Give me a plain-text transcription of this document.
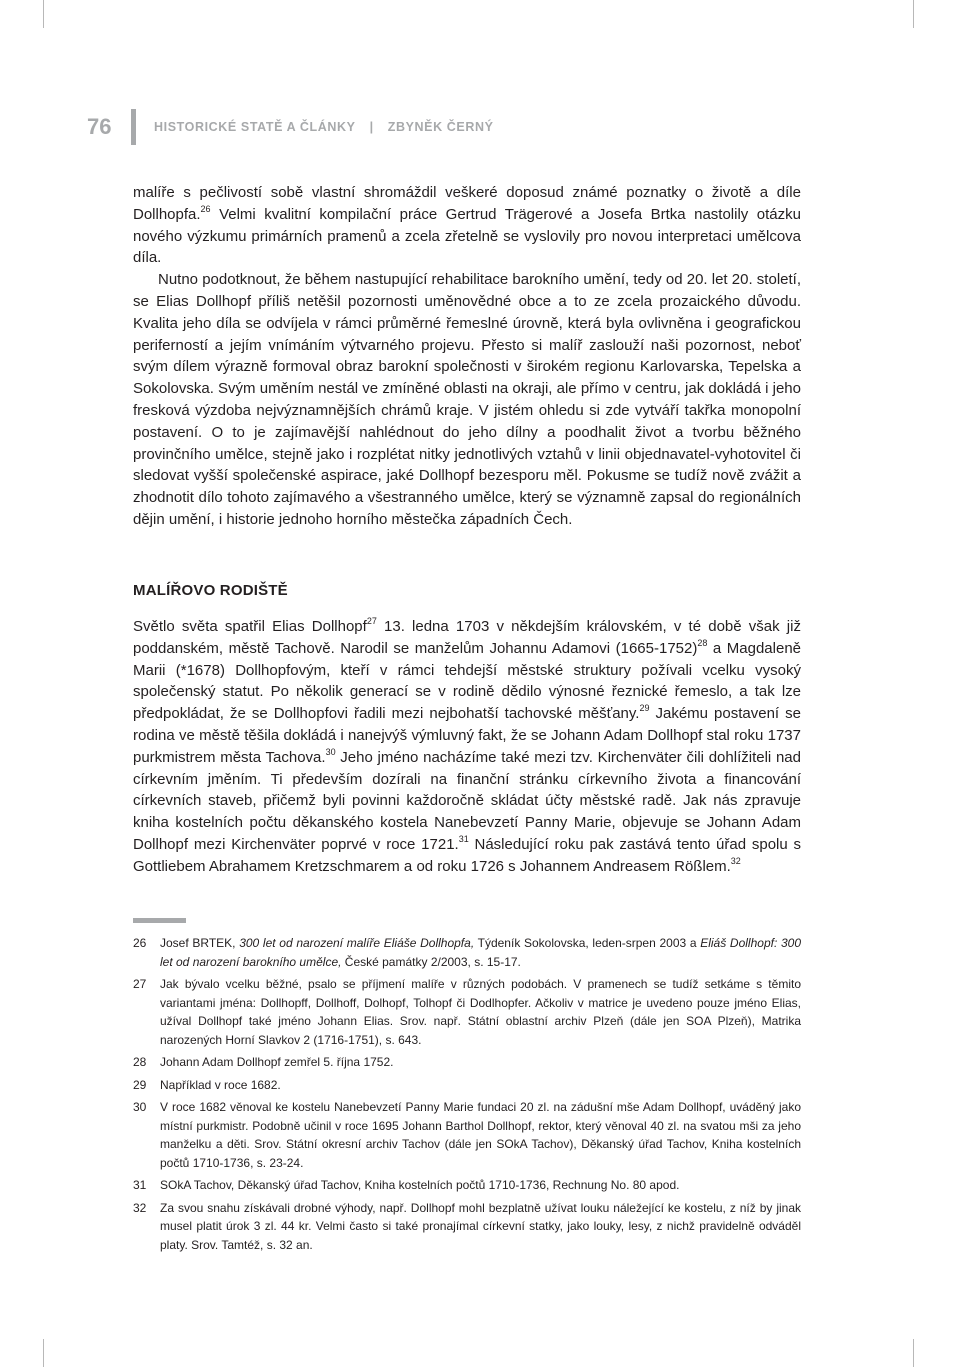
76	HISTORICKÉ STATĚ A ČLÁNKY | ZBYNĚK ČERNÝ

malíře s pečlivostí sobě vlastní shromáždil veškeré doposud známé poznatky o životě a díle Dollhopfa.$^{26}$ Velmi kvalitní kompilační práce Gertrud Trägerové a Josefa Brtka nastolily otázku nového výzkumu primárních pramenů a zcela zřetelně se vyslovily pro novou interpretaci umělcova díla.

Nutno podotknout, že během nastupující rehabilitace barokního umění, tedy od 20. let 20. století, se Elias Dollhopf příliš netěšil pozornosti uměnovědné obce a to ze zcela prozaického důvodu. Kvalita jeho díla se odvíjela v rámci průměrné řemeslné úrovně, která byla ovlivněna i geografickou periferností a jejím vnímáním výtvarného projevu. Přesto si malíř zaslouží naši pozornost, neboť svým dílem výrazně formoval obraz barokní společnosti v širokém regionu Karlovarska, Tepelska a Sokolovska. Svým uměním nestál ve zmíněné oblasti na okraji, ale přímo v centru, jak dokládá i jeho fresková výzdoba nejvýznamnějších chrámů kraje. V jistém ohledu si zde vytváří takřka monopolní postavení. O to je zajímavější nahlédnout do jeho dílny a poodhalit život a tvorbu běžného provinčního umělce, stejně jako i rozplétat nitky jednotlivých vztahů v linii objednavatel-vyhotovitel či sledovat vyšší společenské aspirace, jaké Dollhopf bezesporu měl. Pokusme se tudíž nově zvážit a zhodnotit dílo tohoto zajímavého a všestranného umělce, který se významně zapsal do regionálních dějin umění, i historie jednoho horního městečka západních Čech.

MALÍŘOVO RODIŠTĚ

Světlo světa spatřil Elias Dollhopf$^{27}$ 13. ledna 1703 v někdejším královském, v té době však již poddanském, městě Tachově. Narodil se manželům Johannu Adamovi (1665-1752)$^{28}$ a Magdaleně Marii (*1678) Dollhopfovým, kteří v rámci tehdejší městské struktury požívali vcelku vysoký společenský statut. Po několik generací se v rodině dědilo výnosné řeznické řemeslo, a tak lze předpokládat, že se Dollhopfovi řadili mezi nejbohatší tachovské měšťany.$^{29}$ Jakému postavení se rodina ve městě těšila dokládá i nanejvýš výmluvný fakt, že se Johann Adam Dollhopf stal roku 1737 purkmistrem města Tachova.$^{30}$ Jeho jméno nacházíme také mezi tzv. Kirchenväter čili dohlížiteli nad církevním jměním. Ti především dozírali na finanční stránku církevního života a financování církevních staveb, přičemž byli povinni každoročně skládat účty městské radě. Jak nás zpravuje kniha kostelních počtu děkanského kostela Nanebevzetí Panny Marie, objevuje se Johann Adam Dollhopf mezi Kirchenväter poprvé v roce 1721.31 Následující roku pak zastává tento úřad spolu s Gottliebem Abrahamem Kretzschmarem a od roku 1726 s Johannem Andreasem Rößlem.$^{32}$

26	Josef BRTEK, 300 let od narození malíře Eliáše Dollhopfa, Týdeník Sokolovska, leden-srpen 2003 a Eliáš Dollhopf: 300 let od narození barokního umělce, České památky 2/2003, s. 15-17.
27	Jak bývalo vcelku běžné, psalo se příjmení malíře v různých podobách. V pramenech se tudíž setkáme s těmito variantami jména: Dollhopff, Dollhoff, Dolhopf, Tolhopf či Dodlhopfer. Ačkoliv v matrice je uvedeno pouze jméno Elias, užíval Dollhopf také jméno Johann Elias. Srov. např. Státní oblastní archiv Plzeň (dále jen SOA Plzeň), Matrika narozených Horní Slavkov 2 (1716-1751), s. 643.
28	Johann Adam Dollhopf zemřel 5. října 1752.
29	Například v roce 1682.
30	V roce 1682 věnoval ke kostelu Nanebevzetí Panny Marie fundaci 20 zl. na zádušní mše Adam Dollhopf, uváděný jako místní purkmistr. Podobně učinil v roce 1695 Johann Barthol Dollhopf, rektor, který věnoval 40 zl. na svatou mši za jeho manželku a děti. Srov. Státní okresní archiv Tachov (dále jen SOkA Tachov), Děkanský úřad Tachov, Kniha kostelních počtů 1710-1736, s. 23-24.
31	SOkA Tachov, Děkanský úřad Tachov, Kniha kostelních počtů 1710-1736, Rechnung No. 80 apod.
32	Za svou snahu získávali drobné výhody, např. Dollhopf mohl bezplatně užívat louku náležející ke kostelu, z níž by jinak musel platit úrok 3 zl. 44 kr. Velmi často si také pronajímal církevní statky, jako louky, lesy, z nichž pravidelně odváděl platy. Srov. Tamtéž, s. 32 an.
